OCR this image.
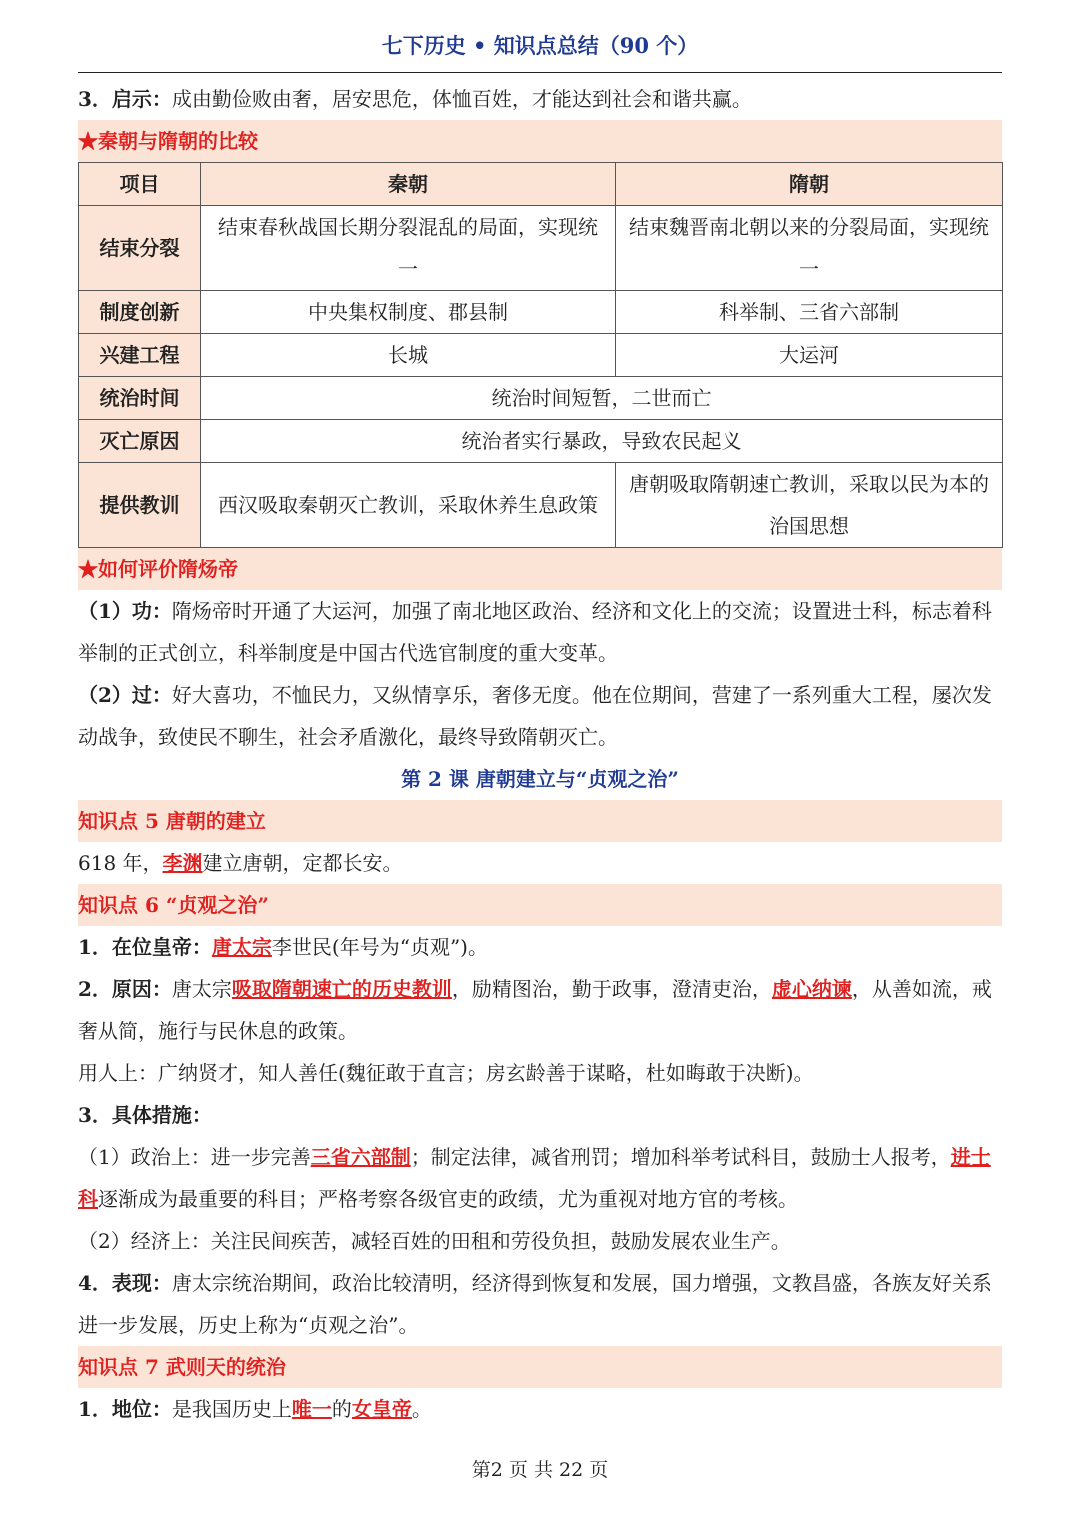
七下历史 • 知识点总结（90 个）
3．启示：成由勤俭败由奢，居安思危，体恤百姓，才能达到社会和谐共赢。
★秦朝与隋朝的比较
项目	秦朝	隋朝
结束分裂	结束春秋战国长期分裂混乱的局面，实现统一	结束魏晋南北朝以来的分裂局面，实现统一
制度创新	中央集权制度、郡县制	科举制、三省六部制
兴建工程	长城	大运河
统治时间	统治时间短暂，二世而亡	
灭亡原因	统治者实行暴政，导致农民起义	
提供教训	西汉吸取秦朝灭亡教训，采取休养生息政策	唐朝吸取隋朝速亡教训，采取以民为本的治国思想
★如何评价隋炀帝
（1）功：隋炀帝时开通了大运河，加强了南北地区政治、经济和文化上的交流；设置进士科，标志着科举制的正式创立，科举制度是中国古代选官制度的重大变革。
（2）过：好大喜功，不恤民力，又纵情享乐，奢侈无度。他在位期间，营建了一系列重大工程，屡次发动战争，致使民不聊生，社会矛盾激化，最终导致隋朝灭亡。
第 2 课 唐朝建立与“贞观之治”
知识点 5 唐朝的建立
618 年，李渊建立唐朝，定都长安。
知识点 6 “贞观之治”
1．在位皇帝：唐太宗李世民(年号为“贞观”)。
2．原因：唐太宗吸取隋朝速亡的历史教训，励精图治，勤于政事，澄清吏治，虚心纳谏，从善如流，戒奢从简，施行与民休息的政策。
用人上：广纳贤才，知人善任(魏征敢于直言；房玄龄善于谋略，杜如晦敢于决断)。
3．具体措施：
（1）政治上：进一步完善三省六部制；制定法律，减省刑罚；增加科举考试科目，鼓励士人报考，进士科逐渐成为最重要的科目；严格考察各级官吏的政绩，尤为重视对地方官的考核。
（2）经济上：关注民间疾苦，减轻百姓的田租和劳役负担，鼓励发展农业生产。
4．表现：唐太宗统治期间，政治比较清明，经济得到恢复和发展，国力增强，文教昌盛，各族友好关系进一步发展，历史上称为“贞观之治”。
知识点 7 武则天的统治
1．地位：是我国历史上唯一的女皇帝。
第2 页 共 22 页
